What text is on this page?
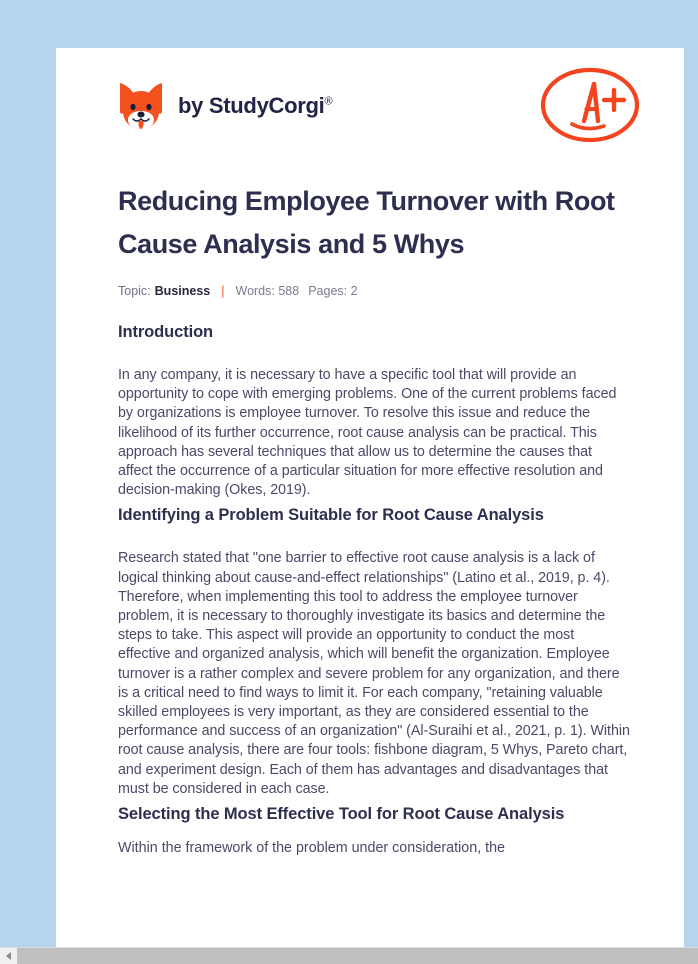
by StudyCorgi®
Reducing Employee Turnover with Root Cause Analysis and 5 Whys
Topic: Business | Words: 588 Pages: 2
Introduction

In any company, it is necessary to have a specific tool that will provide an opportunity to cope with emerging problems. One of the current problems faced by organizations is employee turnover. To resolve this issue and reduce the likelihood of its further occurrence, root cause analysis can be practical. This approach has several techniques that allow us to determine the causes that affect the occurrence of a particular situation for more effective resolution and decision-making (Okes, 2019).

Identifying a Problem Suitable for Root Cause Analysis

Research stated that "one barrier to effective root cause analysis is a lack of logical thinking about cause-and-effect relationships" (Latino et al., 2019, p. 4). Therefore, when implementing this tool to address the employee turnover problem, it is necessary to thoroughly investigate its basics and determine the steps to take. This aspect will provide an opportunity to conduct the most effective and organized analysis, which will benefit the organization. Employee turnover is a rather complex and severe problem for any organization, and there is a critical need to find ways to limit it. For each company, "retaining valuable skilled employees is very important, as they are considered essential to the performance and success of an organization" (Al-Suraihi et al., 2021, p. 1). Within root cause analysis, there are four tools: fishbone diagram, 5 Whys, Pareto chart, and experiment design. Each of them has advantages and disadvantages that must be considered in each case.

Selecting the Most Effective Tool for Root Cause Analysis
Within the framework of the problem under consideration, the
